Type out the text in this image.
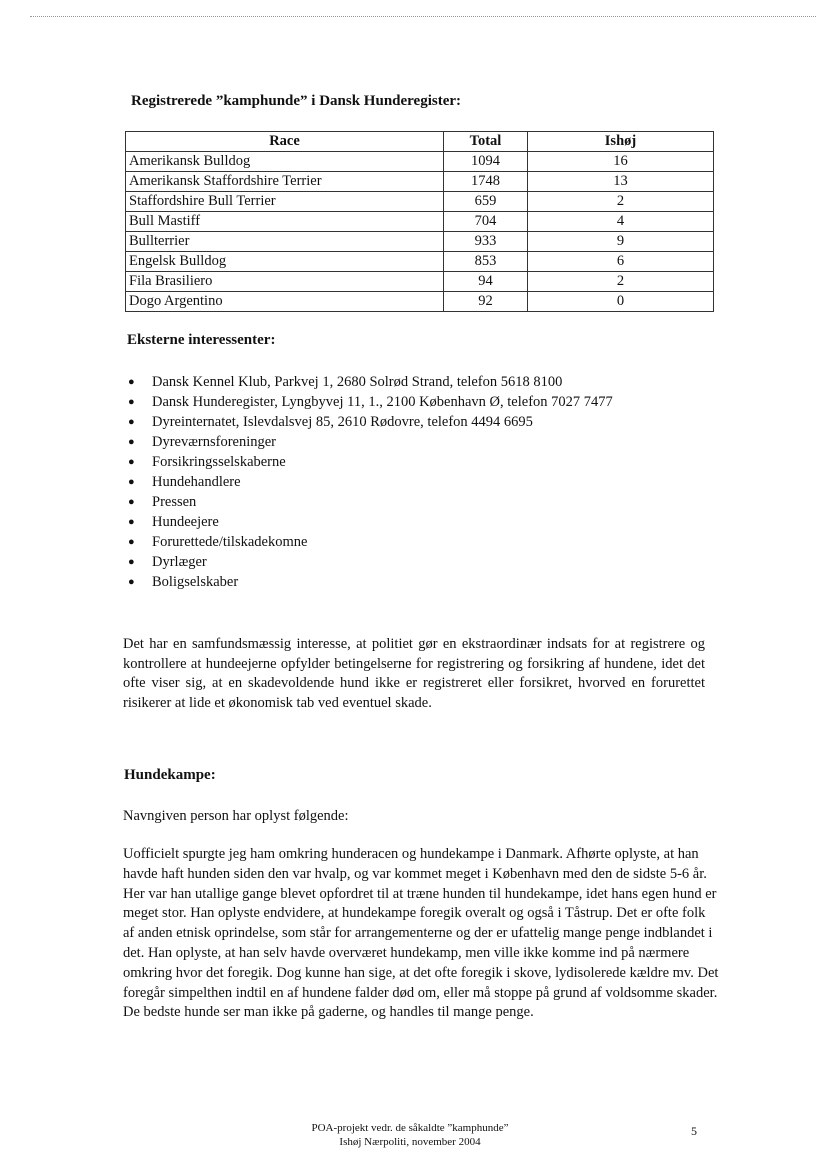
Registrerede ”kamphunde” i Dansk Hunderegister:
Race	Total	Ishøj
Amerikansk Bulldog	1094	16
Amerikansk Staffordshire Terrier	1748	13
Staffordshire Bull Terrier	659	2
Bull Mastiff	704	4
Bullterrier	933	9
Engelsk Bulldog	853	6
Fila Brasiliero	94	2
Dogo Argentino	92	0
Eksterne interessenter:
● Dansk Kennel Klub, Parkvej 1, 2680 Solrød Strand, telefon 5618 8100
● Dansk Hunderegister, Lyngbyvej 11, 1., 2100 København Ø, telefon 7027 7477
● Dyreinternatet, Islevdalsvej 85, 2610 Rødovre, telefon 4494 6695
● Dyreværnsforeninger
● Forsikringsselskaberne
● Hundehandlere
● Pressen
● Hundeejere
● Forurettede/tilskadekomne
● Dyrlæger
● Boligselskaber

Det har en samfundsmæssig interesse, at politiet gør en ekstraordinær indsats for at registrere og kontrollere at hundeejerne opfylder betingelserne for registrering og forsikring af hundene, idet det ofte viser sig, at en skadevoldende hund ikke er registreret eller forsikret, hvorved en forurettet risikerer at lide et økonomisk tab ved eventuel skade.

Hundekampe:

Navngiven person har oplyst følgende:

Uofficielt spurgte jeg ham omkring hunderacen og hundekampe i Danmark. Afhørte oplyste, at han havde haft hunden siden den var hvalp, og var kommet meget i København med den de sidste 5-6 år. Her var han utallige gange blevet opfordret til at træne hunden til hundekampe, idet hans egen hund er meget stor. Han oplyste endvidere, at hundekampe foregik overalt og også i Tåstrup. Det er ofte folk af anden etnisk oprindelse, som står for arrangementerne og der er ufattelig mange penge indblandet i det. Han oplyste, at han selv havde overværet hundekamp, men ville ikke komme ind på nærmere omkring hvor det foregik. Dog kunne han sige, at det ofte foregik i skove, lydisolerede kældre mv. Det foregår simpelthen indtil en af hundene falder død om, eller må stoppe på grund af voldsomme skader. De bedste hunde ser man ikke på gaderne, og handles til mange penge.

POA-projekt vedr. de såkaldte ”kamphunde”
Ishøj Nærpoliti, november 2004
5
